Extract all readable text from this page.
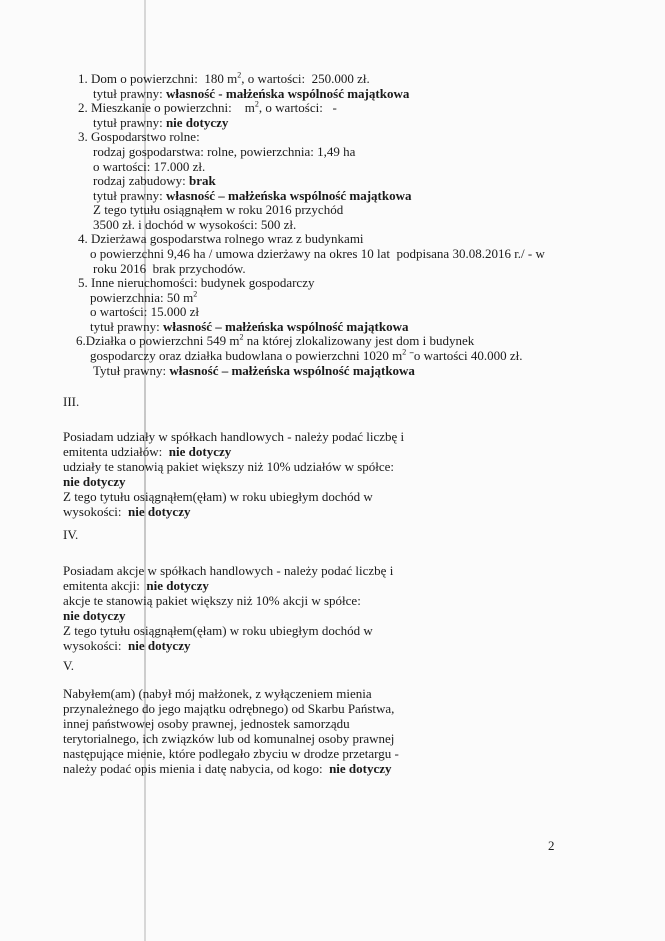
1. Dom o powierzchni:  180 $m^2$, o wartości:  250.000 zł.
tytuł prawny: własność - małżeńska wspólność majątkowa
2. Mieszkanie o powierzchni:    $m^2$, o wartości:   -
tytuł prawny: nie dotyczy
3. Gospodarstwo rolne:
rodzaj gospodarstwa: rolne, powierzchnia: 1,49 ha
o wartości: 17.000 zł.
rodzaj zabudowy: brak
tytuł prawny: własność – małżeńska wspólność majątkowa
Z tego tytułu osiągnąłem w roku 2016 przychód
3500 zł. i dochód w wysokości: 500 zł.
4. Dzierżawa gospodarstwa rolnego wraz z budynkami
o powierzchni 9,46 ha / umowa dzierżawy na okres 10 lat  podpisana 30.08.2016 r./ - w
roku 2016  brak przychodów.
5. Inne nieruchomości: budynek gospodarczy
powierzchnia: 50 $m^2$
o wartości: 15.000 zł
tytuł prawny: własność – małżeńska wspólność majątkowa
6.Działka o powierzchni 549 $m^2$ na której zlokalizowany jest dom i budynek
gospodarczy oraz działka budowlana o powierzchni 1020 $m^2$ ˉo wartości 40.000 zł.
Tytuł prawny: własność – małżeńska wspólność majątkowa
III.
Posiadam udziały w spółkach handlowych - należy podać liczbę i
emitenta udziałów:  nie dotyczy
udziały te stanowią pakiet większy niż 10% udziałów w spółce:
nie dotyczy
Z tego tytułu osiągnąłem(ęłam) w roku ubiegłym dochód w
wysokości:  nie dotyczy
IV.
Posiadam akcje w spółkach handlowych - należy podać liczbę i
emitenta akcji:  nie dotyczy
akcje te stanowią pakiet większy niż 10% akcji w spółce:
nie dotyczy
Z tego tytułu osiągnąłem(ęłam) w roku ubiegłym dochód w
wysokości:  nie dotyczy
V.
Nabyłem(am) (nabył mój małżonek, z wyłączeniem mienia
przynależnego do jego majątku odrębnego) od Skarbu Państwa,
innej państwowej osoby prawnej, jednostek samorządu
terytorialnego, ich związków lub od komunalnej osoby prawnej
następujące mienie, które podlegało zbyciu w drodze przetargu -
należy podać opis mienia i datę nabycia, od kogo:  nie dotyczy
2
